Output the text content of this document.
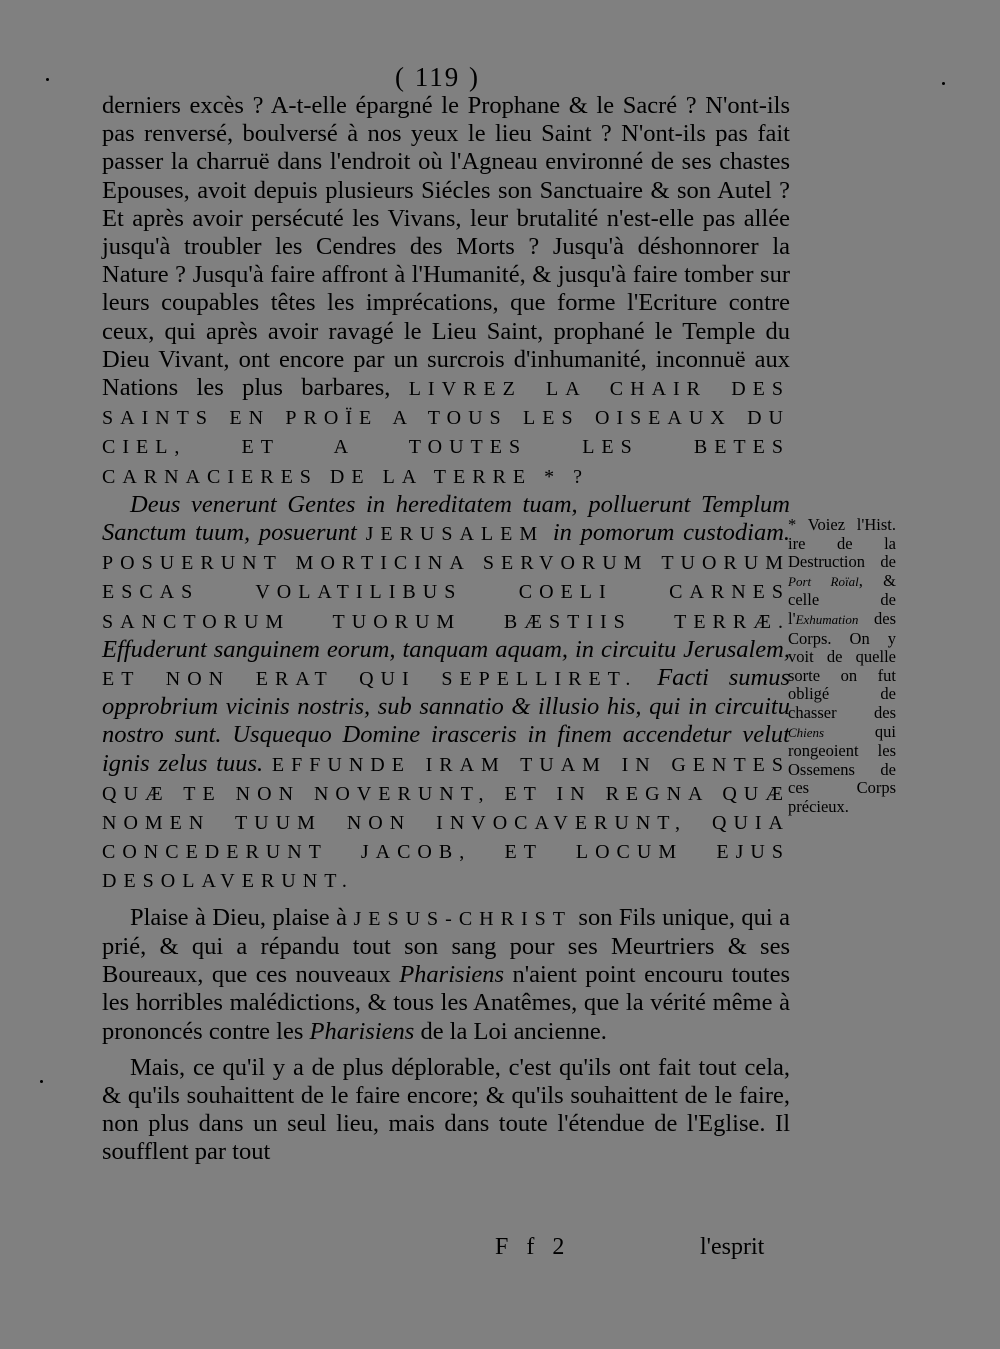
( 119 )

derniers excès ? A-t-elle épargné le Prophane & le Sacré ? N'ont-ils pas renversé, boulversé à nos yeux le lieu Saint ? N'ont-ils pas fait passer la charruë dans l'endroit où l'Agneau environné de ses chastes Epouses, avoit depuis plusieurs Siécles son Sanctuaire & son Autel ? Et après avoir persécuté les Vivans, leur brutalité n'est-elle pas allée jusqu'à troubler les Cendres des Morts ? Jusqu'à déshonnorer la Nature ? Jusqu'à faire affront à l'Humanité, & jusqu'à faire tomber sur leurs coupables têtes les imprécations, que forme l'Ecriture contre ceux, qui après avoir ravagé le Lieu Saint, prophané le Temple du Dieu Vivant, ont encore par un surcrois d'inhumanité, inconnuë aux Nations les plus barbares, LIVREZ LA CHAIR DES SAINTS EN PROÏE A TOUS LES OISEAUX DU CIEL, ET A TOUTES LES BETES CARNACIERES DE LA TERRE * ?

Deus venerunt Gentes in hereditatem tuam, polluerunt Templum Sanctum tuum, posuerunt JERUSALEM in pomorum custodiam. POSUERUNT MORTICINA SERVORUM TUORUM ESCAS VOLATILIBUS COELI CARNES SANCTORUM TUORUM BÆSTIIS TERRÆ. Effuderunt sanguinem eorum, tanquam aquam, in circuitu Jerusalem, ET NON ERAT QUI SEPELLIRET. Facti sumus opprobrium vicinis nostris, sub sannatio & illusio his, qui in circuitu nostro sunt. Usquequo Domine irasceris in finem accendetur velut ignis zelus tuus. EFFUNDE IRAM TUAM IN GENTES QUÆ TE NON NOVERUNT, ET IN REGNA QUÆ NOMEN TUUM NON INVOCAVERUNT, QUIA CONCEDERUNT JACOB, ET LOCUM EJUS DESOLAVERUNT.

Plaise à Dieu, plaise à JESUS-CHRIST son Fils unique, qui a prié, & qui a répandu tout son sang pour ses Meurtriers & ses Boureaux, que ces nouveaux Pharisiens n'aient point encouru toutes les horribles malédictions, & tous les Anatêmes, que la vérité même à prononcés contre les Pharisiens de la Loi ancienne.

Mais, ce qu'il y a de plus déplorable, c'est qu'ils ont fait tout cela, & qu'ils souhaittent de le faire encore; & qu'ils souhaittent de le faire, non plus dans un seul lieu, mais dans toute l'étendue de l'Eglise. Il soufflent par tout

* Voiez l'Hist. ire de la Destruction de Port Roïal, & celle de l'Exhumation des Corps. On y voit de quelle sorte on fut obligé de chasser des Chiens	qui rongeoient les Ossemens de ces Corps précieux.
F f 2	l'esprit
